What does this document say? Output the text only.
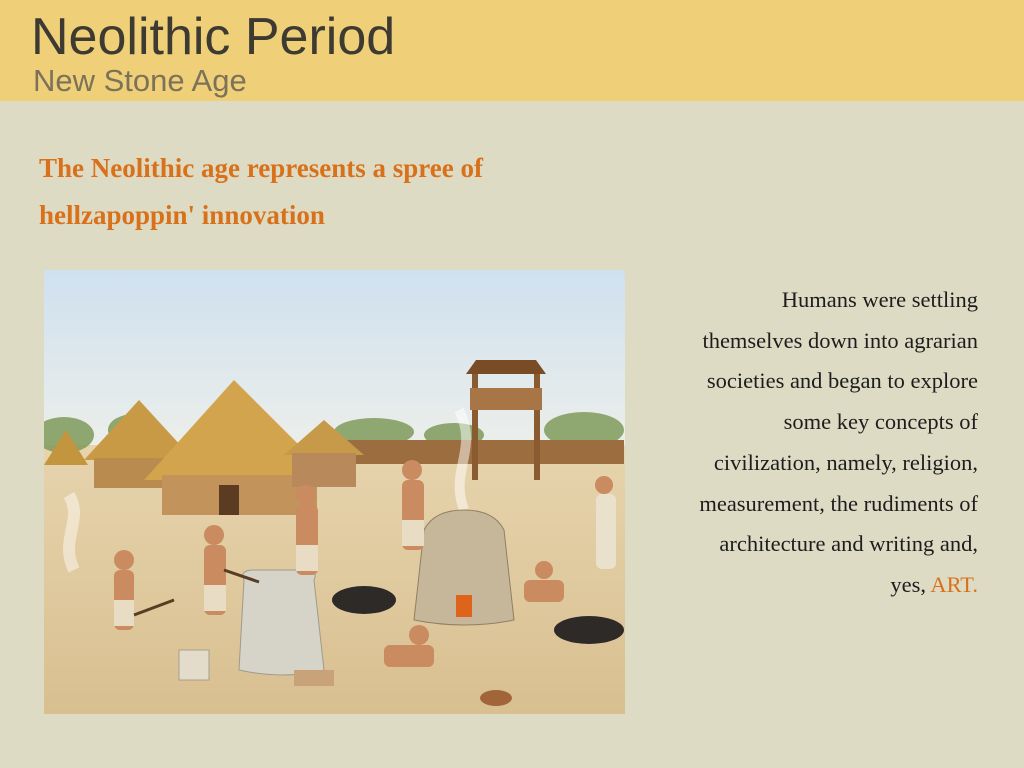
Neolithic Period
New Stone Age
The Neolithic age represents a spree of
hellzapoppin' innovation
Humans were settling
themselves down into agrarian
societies and began to explore
some key concepts of
civilization, namely, religion,
measurement, the rudiments of
architecture and writing and,
yes, ART.
